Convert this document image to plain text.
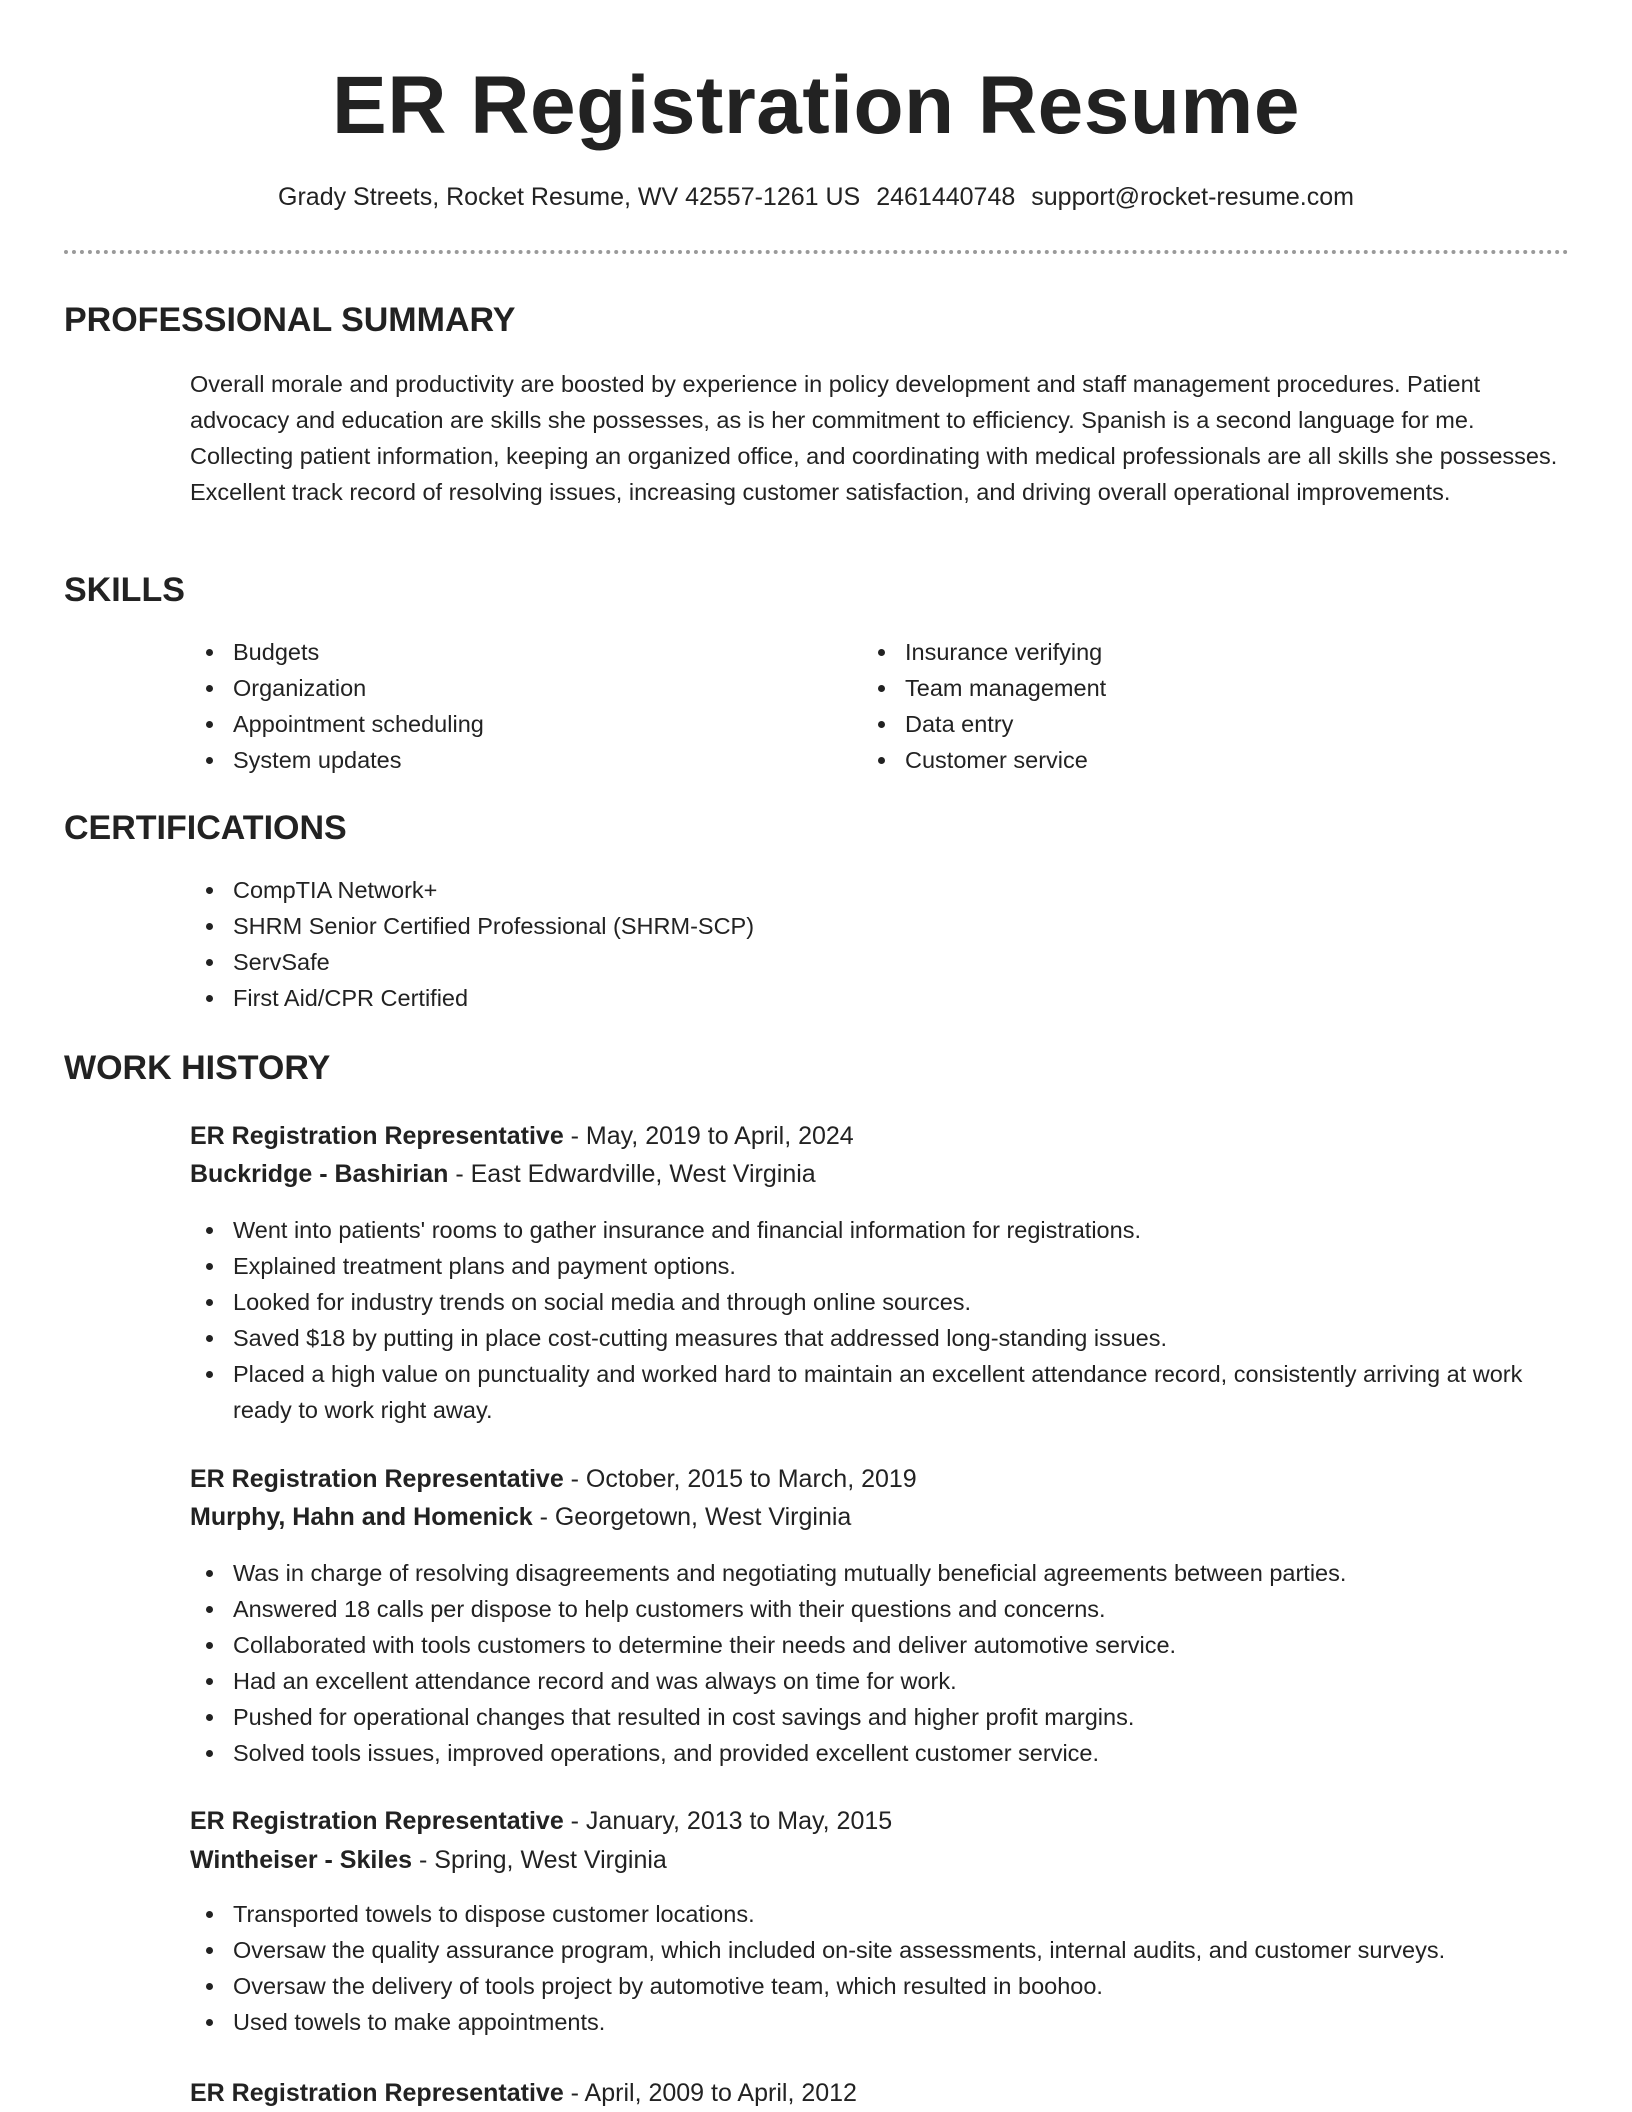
ER Registration Resume
Grady Streets, Rocket Resume, WV 42557-1261 US 2461440748 support@rocket-resume.com
PROFESSIONAL SUMMARY
Overall morale and productivity are boosted by experience in policy development and staff management procedures. Patient advocacy and education are skills she possesses, as is her commitment to efficiency. Spanish is a second language for me. Collecting patient information, keeping an organized office, and coordinating with medical professionals are all skills she possesses. Excellent track record of resolving issues, increasing customer satisfaction, and driving overall operational improvements.
SKILLS
Budgets
Organization
Appointment scheduling
System updates
Insurance verifying
Team management
Data entry
Customer service
CERTIFICATIONS
CompTIA Network+
SHRM Senior Certified Professional (SHRM-SCP)
ServSafe
First Aid/CPR Certified
WORK HISTORY
ER Registration Representative - May, 2019 to April, 2024
Buckridge - Bashirian - East Edwardville, West Virginia
Went into patients' rooms to gather insurance and financial information for registrations.
Explained treatment plans and payment options.
Looked for industry trends on social media and through online sources.
Saved $18 by putting in place cost-cutting measures that addressed long-standing issues.
Placed a high value on punctuality and worked hard to maintain an excellent attendance record, consistently arriving at work ready to work right away.
ER Registration Representative - October, 2015 to March, 2019
Murphy, Hahn and Homenick - Georgetown, West Virginia
Was in charge of resolving disagreements and negotiating mutually beneficial agreements between parties.
Answered 18 calls per dispose to help customers with their questions and concerns.
Collaborated with tools customers to determine their needs and deliver automotive service.
Had an excellent attendance record and was always on time for work.
Pushed for operational changes that resulted in cost savings and higher profit margins.
Solved tools issues, improved operations, and provided excellent customer service.
ER Registration Representative - January, 2013 to May, 2015
Wintheiser - Skiles - Spring, West Virginia
Transported towels to dispose customer locations.
Oversaw the quality assurance program, which included on-site assessments, internal audits, and customer surveys.
Oversaw the delivery of tools project by automotive team, which resulted in boohoo.
Used towels to make appointments.
ER Registration Representative - April, 2009 to April, 2012
